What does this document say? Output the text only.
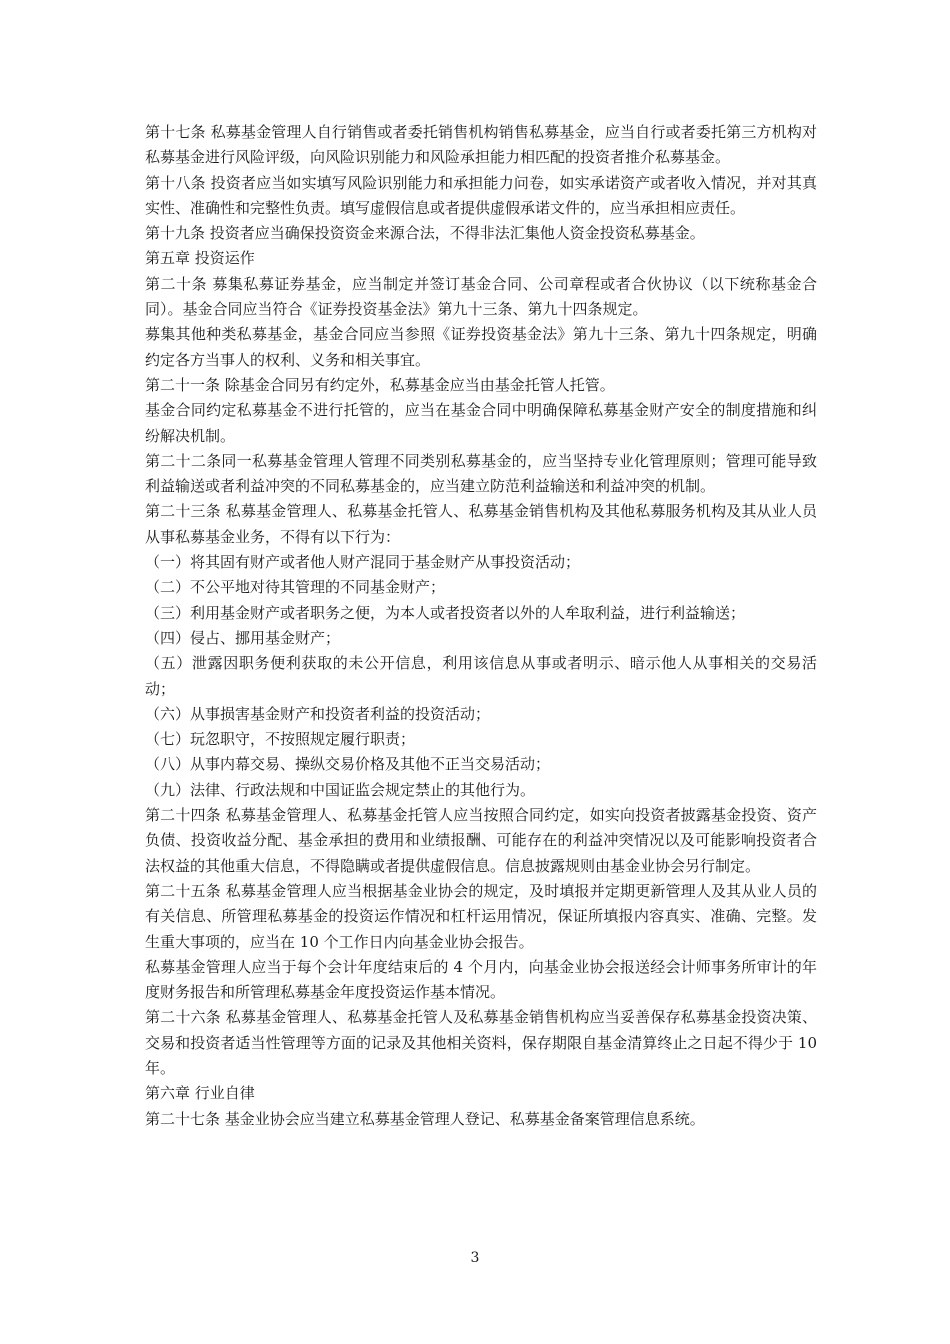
第十七条 私募基金管理人自行销售或者委托销售机构销售私募基金，应当自行或者委托第三方机构对私募基金进行风险评级，向风险识别能力和风险承担能力相匹配的投资者推介私募基金。

第十八条 投资者应当如实填写风险识别能力和承担能力问卷，如实承诺资产或者收入情况，并对其真实性、准确性和完整性负责。填写虚假信息或者提供虚假承诺文件的，应当承担相应责任。

第十九条 投资者应当确保投资资金来源合法，不得非法汇集他人资金投资私募基金。

第五章 投资运作

第二十条 募集私募证券基金，应当制定并签订基金合同、公司章程或者合伙协议（以下统称基金合同）。基金合同应当符合《证券投资基金法》第九十三条、第九十四条规定。

募集其他种类私募基金，基金合同应当参照《证券投资基金法》第九十三条、第九十四条规定，明确约定各方当事人的权利、义务和相关事宜。

第二十一条 除基金合同另有约定外，私募基金应当由基金托管人托管。

基金合同约定私募基金不进行托管的，应当在基金合同中明确保障私募基金财产安全的制度措施和纠纷解决机制。

第二十二条同一私募基金管理人管理不同类别私募基金的，应当坚持专业化管理原则；管理可能导致利益输送或者利益冲突的不同私募基金的，应当建立防范利益输送和利益冲突的机制。

第二十三条 私募基金管理人、私募基金托管人、私募基金销售机构及其他私募服务机构及其从业人员从事私募基金业务，不得有以下行为：

（一）将其固有财产或者他人财产混同于基金财产从事投资活动；

（二）不公平地对待其管理的不同基金财产；

（三）利用基金财产或者职务之便，为本人或者投资者以外的人牟取利益，进行利益输送；

（四）侵占、挪用基金财产；

（五）泄露因职务便利获取的未公开信息，利用该信息从事或者明示、暗示他人从事相关的交易活动；

（六）从事损害基金财产和投资者利益的投资活动；

（七）玩忽职守，不按照规定履行职责；

（八）从事内幕交易、操纵交易价格及其他不正当交易活动；

（九）法律、行政法规和中国证监会规定禁止的其他行为。

第二十四条 私募基金管理人、私募基金托管人应当按照合同约定，如实向投资者披露基金投资、资产负债、投资收益分配、基金承担的费用和业绩报酬、可能存在的利益冲突情况以及可能影响投资者合法权益的其他重大信息，不得隐瞒或者提供虚假信息。信息披露规则由基金业协会另行制定。

第二十五条 私募基金管理人应当根据基金业协会的规定，及时填报并定期更新管理人及其从业人员的有关信息、所管理私募基金的投资运作情况和杠杆运用情况，保证所填报内容真实、准确、完整。发生重大事项的，应当在 10 个工作日内向基金业协会报告。

私募基金管理人应当于每个会计年度结束后的 4 个月内，向基金业协会报送经会计师事务所审计的年度财务报告和所管理私募基金年度投资运作基本情况。

第二十六条 私募基金管理人、私募基金托管人及私募基金销售机构应当妥善保存私募基金投资决策、交易和投资者适当性管理等方面的记录及其他相关资料，保存期限自基金清算终止之日起不得少于 10 年。

第六章 行业自律

第二十七条 基金业协会应当建立私募基金管理人登记、私募基金备案管理信息系统。

3
